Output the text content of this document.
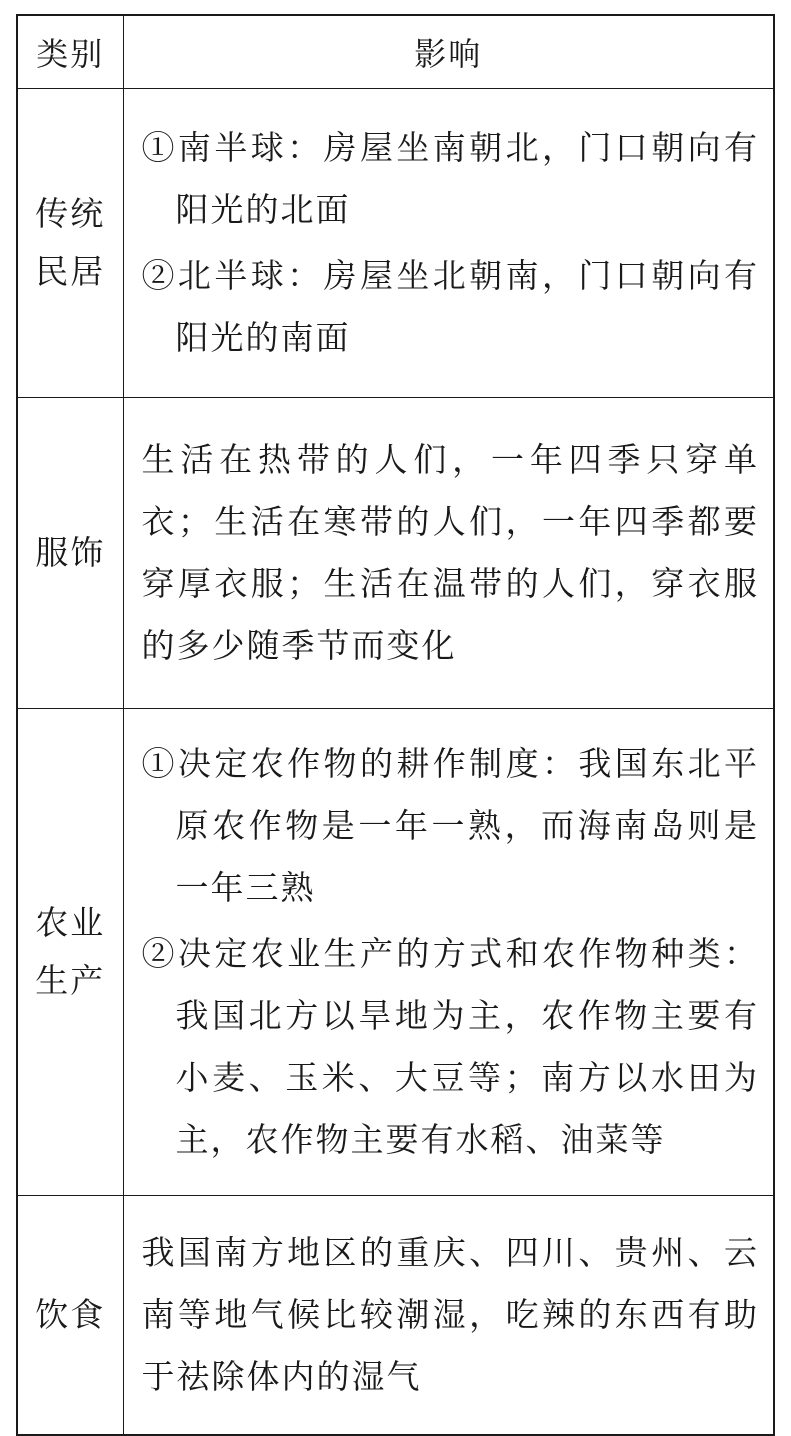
类别	影响
传统民居	①南半球：房屋坐南朝北，门口朝向有阳光的北面
②北半球：房屋坐北朝南，门口朝向有阳光的南面

服饰	生活在热带的人们，一年四季只穿单衣；生活在寒带的人们，一年四季都要穿厚衣服；生活在温带的人们，穿衣服的多少随季节而变化

农业生产	①决定农作物的耕作制度：我国东北平原农作物是一年一熟，而海南岛则是一年三熟
②决定农业生产的方式和农作物种类：我国北方以旱地为主，农作物主要有小麦、玉米、大豆等；南方以水田为主，农作物主要有水稻、油菜等

饮食	我国南方地区的重庆、四川、贵州、云南等地气候比较潮湿，吃辣的东西有助于祛除体内的湿气
